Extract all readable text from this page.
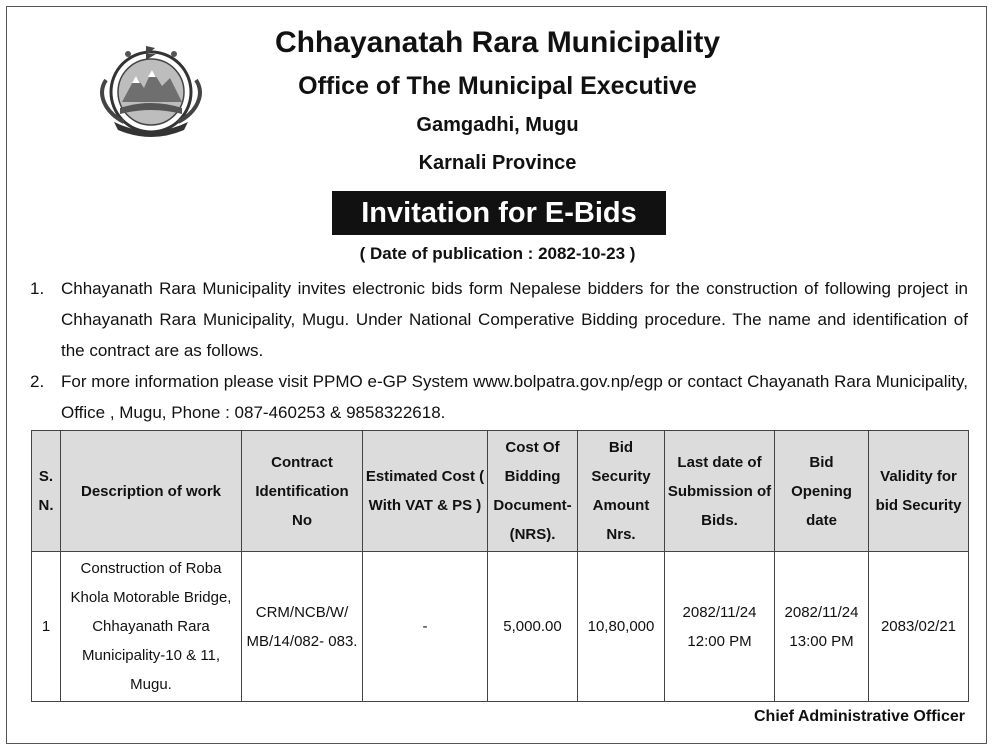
Chhayanatah Rara Municipality
Office of The Municipal Executive
Gamgadhi, Mugu
Karnali Province
Invitation for E-Bids
( Date of publication : 2082-10-23 )
1. Chhayanath Rara Municipality invites electronic bids form Nepalese bidders for the construction of following project in Chhayanath Rara Municipality, Mugu. Under National Comperative Bidding procedure. The name and identification of the contract are as follows.
2. For more information please visit PPMO e-GP System www.bolpatra.gov.np/egp or contact Chayanath Rara Municipality, Office , Mugu, Phone : 087-460253 & 9858322618.
S. N.	Description of work	Contract Identification No	Estimated Cost ( With VAT & PS )	Cost Of Bidding Document- (NRS).	Bid Security Amount Nrs.	Last date of Submission of Bids.	Bid Opening date	Validity for bid Security
1	Construction of Roba Khola Motorable Bridge, Chhayanath Rara Municipality-10 & 11, Mugu.	CRM/NCB/W/ MB/14/082- 083.	-	5,000.00	10,80,000	2082/11/24 12:00 PM	2082/11/24 13:00 PM	2083/02/21
Chief Administrative Officer
